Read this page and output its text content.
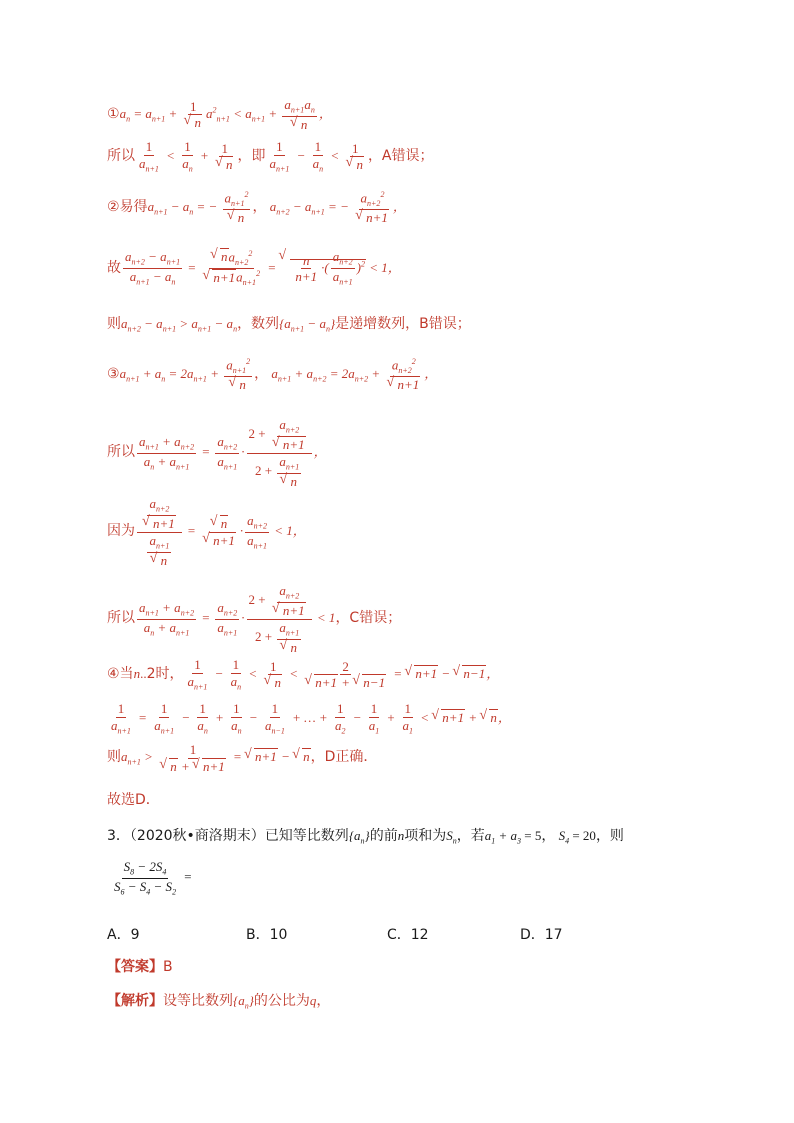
$①a_n = a_{n+1} + 1$
√ n $a^2_{n+1} < a_{n+1} + a_{n+1}a_n$
√ n ，
所以 $\frac{1}{a_{n+1}} < \frac{1}{a_n} + 1$
√ n ，即 $\frac{1}{a_{n+1}} - \frac{1}{a_n} < 1$
√ n ，A错误；
②易得$a_{n+1} - a_n$ = − $a_{n+1}^2$
√ n ， $a_{n+2} - a_{n+1}$ = − $a_{n+2}^2$
√ n+1 ，
故 $\frac{a_{n+2} - a_{n+1}}{a_{n+1} - a_n}$ = √ $na_{n+2}^2$
√ $n+1a_{n+1}^2$ = √ $\frac{n}{n+1}$ ·( $\frac{a_{n+2}}{a_{n+1}} )^2 < 1$，
则$a_{n+2} - a_{n+1} > a_{n+1} - a_n$，数列$\{a_{n+1} - a_n\}$是递增数列，B错误；
$③a_{n+1} + a_n = 2a_{n+1} + a_{n+1}^2$
√ n ， $a_{n+1} + a_{n+2} = 2a_{n+2} + a_{n+2}^2$
√ n+1 ，
所以 $\frac{a_{n+1} + a_{n+2}}{a_n + a_{n+1}} = \frac{a_{n+2}}{a_{n+1}} \cdot 2 + a_{n+2}$
√ n+1
$2 + a_{n+1}$
√ n ，
因为 $a_{n+2}$
√ n+1
$a_{n+1}$
√ n = √ n
√ $n+1 \cdot \frac{a_{n+2}}{a_{n+1}} < 1$，
所以 $\frac{a_{n+1} + a_{n+2}}{a_n + a_{n+1}} = \frac{a_{n+2}}{a_{n+1}} \cdot 2 + a_{n+2}$
√ n+1
$2 + a_{n+1}$
√ n < 1，C错误；
④当n..2时， $\frac{1}{a_{n+1}} - \frac{1}{a_n} < 1$
√ n < 2
√ n+1 + √ n−1 = √ n+1 − √ n−1，
$\frac{1}{a_{n+1}} = \frac{1}{a_{n+1}} - \frac{1}{a_n} + \frac{1}{a_n} - \frac{1}{a_{n-1}}$ + … + $\frac{1}{a_2} - \frac{1}{a_1} + \frac{1}{a_1}$ < √ n+1 + √ n，
则$a_{n+1} > 1$
√ n + √ n+1 = √ n+1 − √ n，D正确．
故选D．
3．（2020秋•商洛期末）已知等比数列$\{a_n\}$的前n项和为$S_n$，若$a_1 + a_3 = 5$， $S_4 = 20$，则
$\frac{S_8 - 2S_4}{S_6 - S_4 - S_2}$ =
A．9	B．10	C．12	D．17
【答案】B
【解析】设等比数列$\{a_n\}$的公比为q，
